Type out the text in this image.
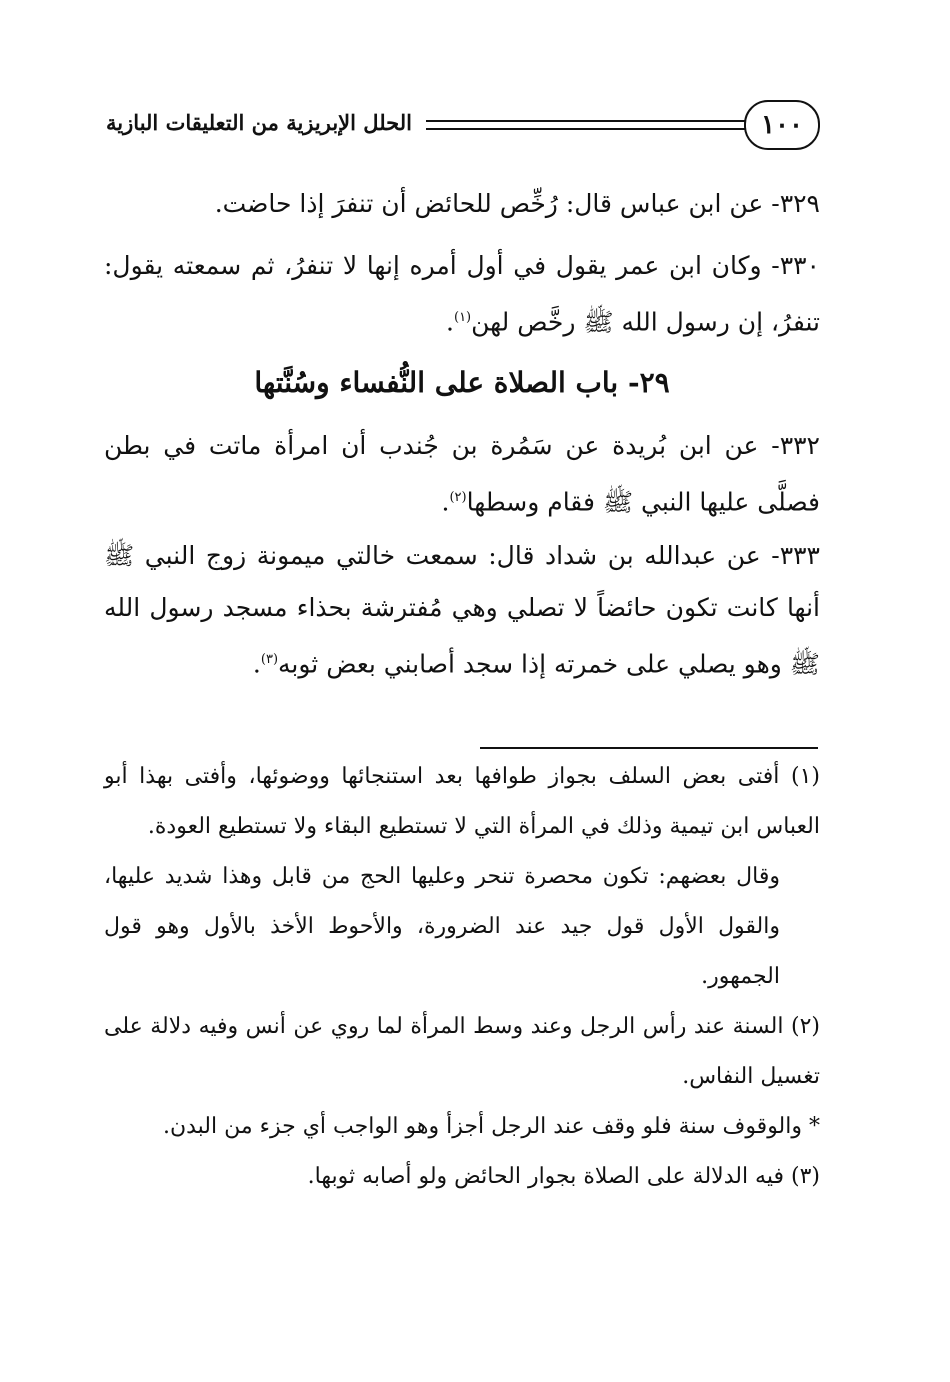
الحلل الإبريزية من التعليقات البازية	١٠٠

٣٢٩- عن ابن عباس قال: رُخِّص للحائض أن تنفرَ إذا حاضت.

٣٣٠- وكان ابن عمر يقول في أول أمره إنها لا تنفرُ، ثم سمعته يقول: تنفرُ، إن رسول الله ﷺ رخَّص لهن$^{(١)}$.

٢٩- باب الصلاة على النُّفساء وسُنَّتها

٣٣٢- عن ابن بُريدة عن سَمُرة بن جُندب أن امرأة ماتت في بطن فصلَّى عليها النبي ﷺ فقام وسطها$^{(٢)}$.

٣٣٣- عن عبدالله بن شداد قال: سمعت خالتي ميمونة زوج النبي ﷺ أنها كانت تكون حائضاً لا تصلي وهي مُفترشة بحذاء مسجد رسول الله ﷺ وهو يصلي على خمرته إذا سجد أصابني بعض ثوبه$^{(٣)}$.

(١) أفتى بعض السلف بجواز طوافها بعد استنجائها ووضوئها، وأفتى بهذا أبو العباس ابن تيمية وذلك في المرأة التي لا تستطيع البقاء ولا تستطيع العودة.

وقال بعضهم: تكون محصرة تنحر وعليها الحج من قابل وهذا شديد عليها، والقول الأول قول جيد عند الضرورة، والأحوط الأخذ بالأول وهو قول الجمهور.

(٢) السنة عند رأس الرجل وعند وسط المرأة لما روي عن أنس وفيه دلالة على تغسيل النفاس.

* والوقوف سنة فلو وقف عند الرجل أجزأ وهو الواجب أي جزء من البدن.

(٣) فيه الدلالة على الصلاة بجوار الحائض ولو أصابه ثوبها.
